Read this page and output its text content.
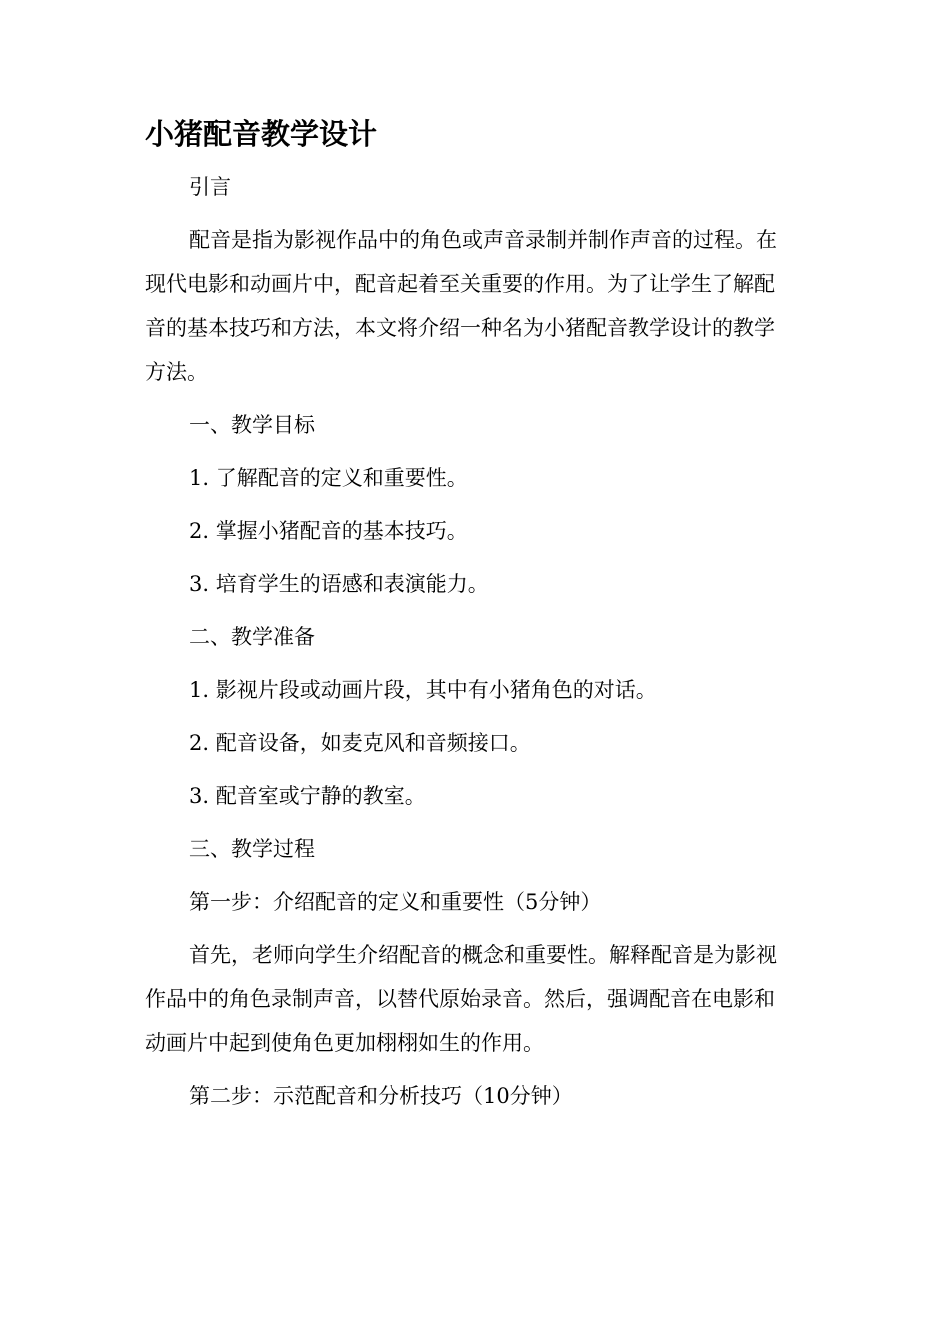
小猪配音教学设计

引言

配音是指为影视作品中的角色或声音录制并制作声音的过程。在现代电影和动画片中，配音起着至关重要的作用。为了让学生了解配音的基本技巧和方法，本文将介绍一种名为小猪配音教学设计的教学方法。

一、教学目标

1. 了解配音的定义和重要性。

2. 掌握小猪配音的基本技巧。

3. 培育学生的语感和表演能力。

二、教学准备

1. 影视片段或动画片段，其中有小猪角色的对话。

2. 配音设备，如麦克风和音频接口。

3. 配音室或宁静的教室。

三、教学过程

第一步：介绍配音的定义和重要性（5分钟）

首先，老师向学生介绍配音的概念和重要性。解释配音是为影视作品中的角色录制声音，以替代原始录音。然后，强调配音在电影和动画片中起到使角色更加栩栩如生的作用。

第二步：示范配音和分析技巧（10分钟）
